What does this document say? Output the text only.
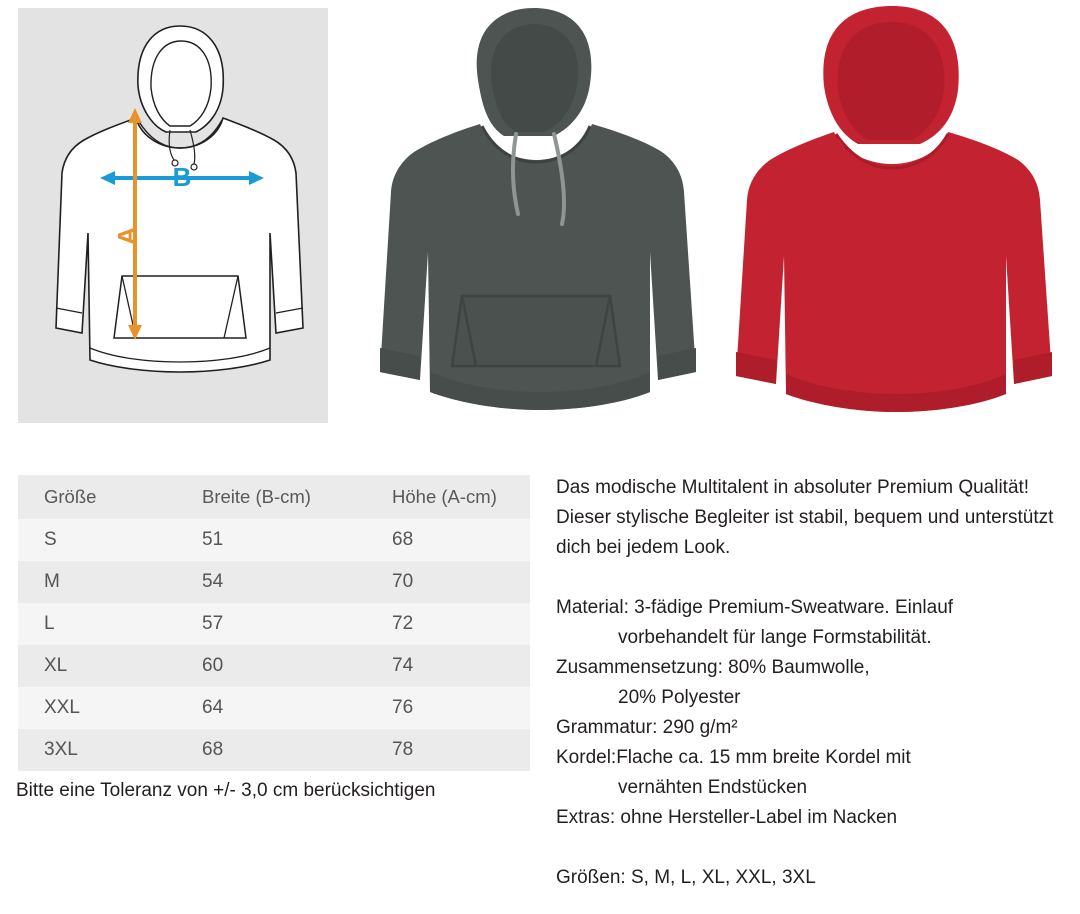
B
A
Größe	Breite (B-cm)	Höhe (A-cm)
S	51	68
M	54	70
L	57	72
XL	60	74
XXL	64	76
3XL	68	78
Bitte eine Toleranz von +/- 3,0 cm berücksichtigen

Das modische Multitalent in absoluter Premium Qualität! Dieser stylische Begleiter ist stabil, bequem und unterstützt dich bei jedem Look.

Material: 3-fädige Premium-Sweatware. Einlauf

vorbehandelt für lange Formstabilität.

Zusammensetzung: 80% Baumwolle,

20% Polyester

Grammatur: 290 g/m²

Kordel:Flache ca. 15 mm breite Kordel mit

vernähten Endstücken

Extras: ohne Hersteller-Label im Nacken

Größen: S, M, L, XL, XXL, 3XL
